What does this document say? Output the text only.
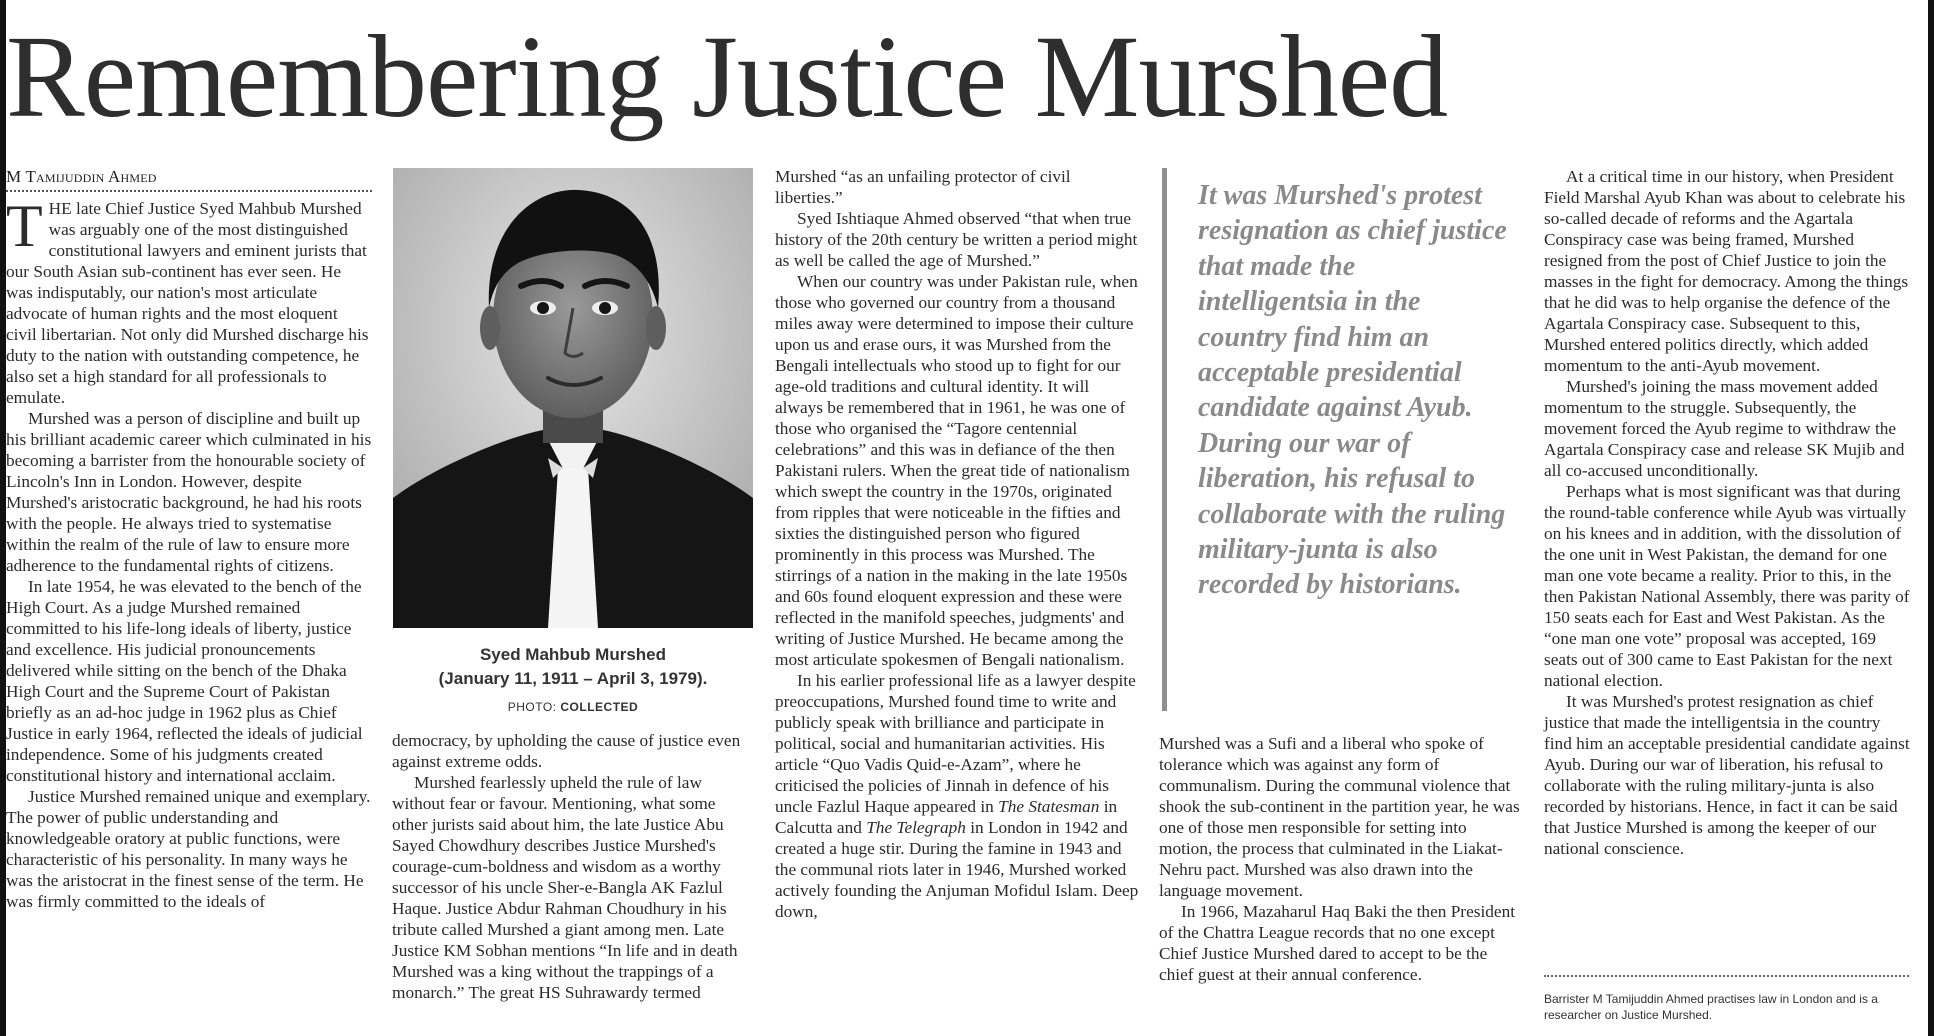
Remembering Justice Murshed
M Tamijuddin Ahmed

THE late Chief Justice Syed Mahbub Murshed was arguably one of the most distinguished constitutional lawyers and eminent jurists that our South Asian sub-continent has ever seen. He was indisputably, our nation's most articulate advocate of human rights and the most eloquent civil libertarian. Not only did Murshed discharge his duty to the nation with outstanding competence, he also set a high standard for all professionals to emulate.

Murshed was a person of discipline and built up his brilliant academic career which culminated in his becoming a barrister from the honourable society of Lincoln's Inn in London. However, despite Murshed's aristocratic background, he had his roots with the people. He always tried to systematise within the realm of the rule of law to ensure more adherence to the fundamental rights of citizens.

In late 1954, he was elevated to the bench of the High Court. As a judge Murshed remained committed to his life-long ideals of liberty, justice and excellence. His judicial pronouncements delivered while sitting on the bench of the Dhaka High Court and the Supreme Court of Pakistan briefly as an ad-hoc judge in 1962 plus as Chief Justice in early 1964, reflected the ideals of judicial independence. Some of his judgments created constitutional history and international acclaim.

Justice Murshed remained unique and exemplary. The power of public understanding and knowledgeable oratory at public functions, were characteristic of his personality. In many ways he was the aristocrat in the finest sense of the term. He was firmly committed to the ideals of

Syed Mahbub Murshed
(January 11, 1911 – April 3, 1979).
PHOTO: COLLECTED

democracy, by upholding the cause of justice even against extreme odds.

Murshed fearlessly upheld the rule of law without fear or favour. Mentioning, what some other jurists said about him, the late Justice Abu Sayed Chowdhury describes Justice Murshed's courage-cum-boldness and wisdom as a worthy successor of his uncle Sher-e-Bangla AK Fazlul Haque. Justice Abdur Rahman Choudhury in his tribute called Murshed a giant among men. Late Justice KM Sobhan mentions “In life and in death Murshed was a king without the trappings of a monarch.” The great HS Suhrawardy termed

Murshed “as an unfailing protector of civil liberties.”

Syed Ishtiaque Ahmed observed “that when true history of the 20th century be written a period might as well be called the age of Murshed.”

When our country was under Pakistan rule, when those who governed our country from a thousand miles away were determined to impose their culture upon us and erase ours, it was Murshed from the Bengali intellectuals who stood up to fight for our age-old traditions and cultural identity. It will always be remembered that in 1961, he was one of those who organised the “Tagore centennial celebrations” and this was in defiance of the then Pakistani rulers. When the great tide of nationalism which swept the country in the 1970s, originated from ripples that were noticeable in the fifties and sixties the distinguished person who figured prominently in this process was Murshed. The stirrings of a nation in the making in the late 1950s and 60s found eloquent expression and these were reflected in the manifold speeches, judgments' and writing of Justice Murshed. He became among the most articulate spokesmen of Bengali nationalism.

In his earlier professional life as a lawyer despite preoccupations, Murshed found time to write and publicly speak with brilliance and participate in political, social and humanitarian activities. His article “Quo Vadis Quid-e-Azam”, where he criticised the policies of Jinnah in defence of his uncle Fazlul Haque appeared in The Statesman in Calcutta and The Telegraph in London in 1942 and created a huge stir. During the famine in 1943 and the communal riots later in 1946, Murshed worked actively founding the Anjuman Mofidul Islam. Deep down,

It was Murshed's protest resignation as chief justice that made the intelligentsia in the country find him an acceptable presidential candidate against Ayub. During our war of liberation, his refusal to collaborate with the ruling military-junta is also recorded by historians.

Murshed was a Sufi and a liberal who spoke of tolerance which was against any form of communalism. During the communal violence that shook the sub-continent in the partition year, he was one of those men responsible for setting into motion, the process that culminated in the Liakat-Nehru pact. Murshed was also drawn into the language movement.

In 1966, Mazaharul Haq Baki the then President of the Chattra League records that no one except Chief Justice Murshed dared to accept to be the chief guest at their annual conference.

At a critical time in our history, when President Field Marshal Ayub Khan was about to celebrate his so-called decade of reforms and the Agartala Conspiracy case was being framed, Murshed resigned from the post of Chief Justice to join the masses in the fight for democracy. Among the things that he did was to help organise the defence of the Agartala Conspiracy case. Subsequent to this, Murshed entered politics directly, which added momentum to the anti-Ayub movement.

Murshed's joining the mass movement added momentum to the struggle. Subsequently, the movement forced the Ayub regime to withdraw the Agartala Conspiracy case and release SK Mujib and all co-accused unconditionally.

Perhaps what is most significant was that during the round-table conference while Ayub was virtually on his knees and in addition, with the dissolution of the one unit in West Pakistan, the demand for one man one vote became a reality. Prior to this, in the then Pakistan National Assembly, there was parity of 150 seats each for East and West Pakistan. As the “one man one vote” proposal was accepted, 169 seats out of 300 came to East Pakistan for the next national election.

It was Murshed's protest resignation as chief justice that made the intelligentsia in the country find him an acceptable presidential candidate against Ayub. During our war of liberation, his refusal to collaborate with the ruling military-junta is also recorded by historians. Hence, in fact it can be said that Justice Murshed is among the keeper of our national conscience.

Barrister M Tamijuddin Ahmed practises law in London and is a researcher on Justice Murshed.
